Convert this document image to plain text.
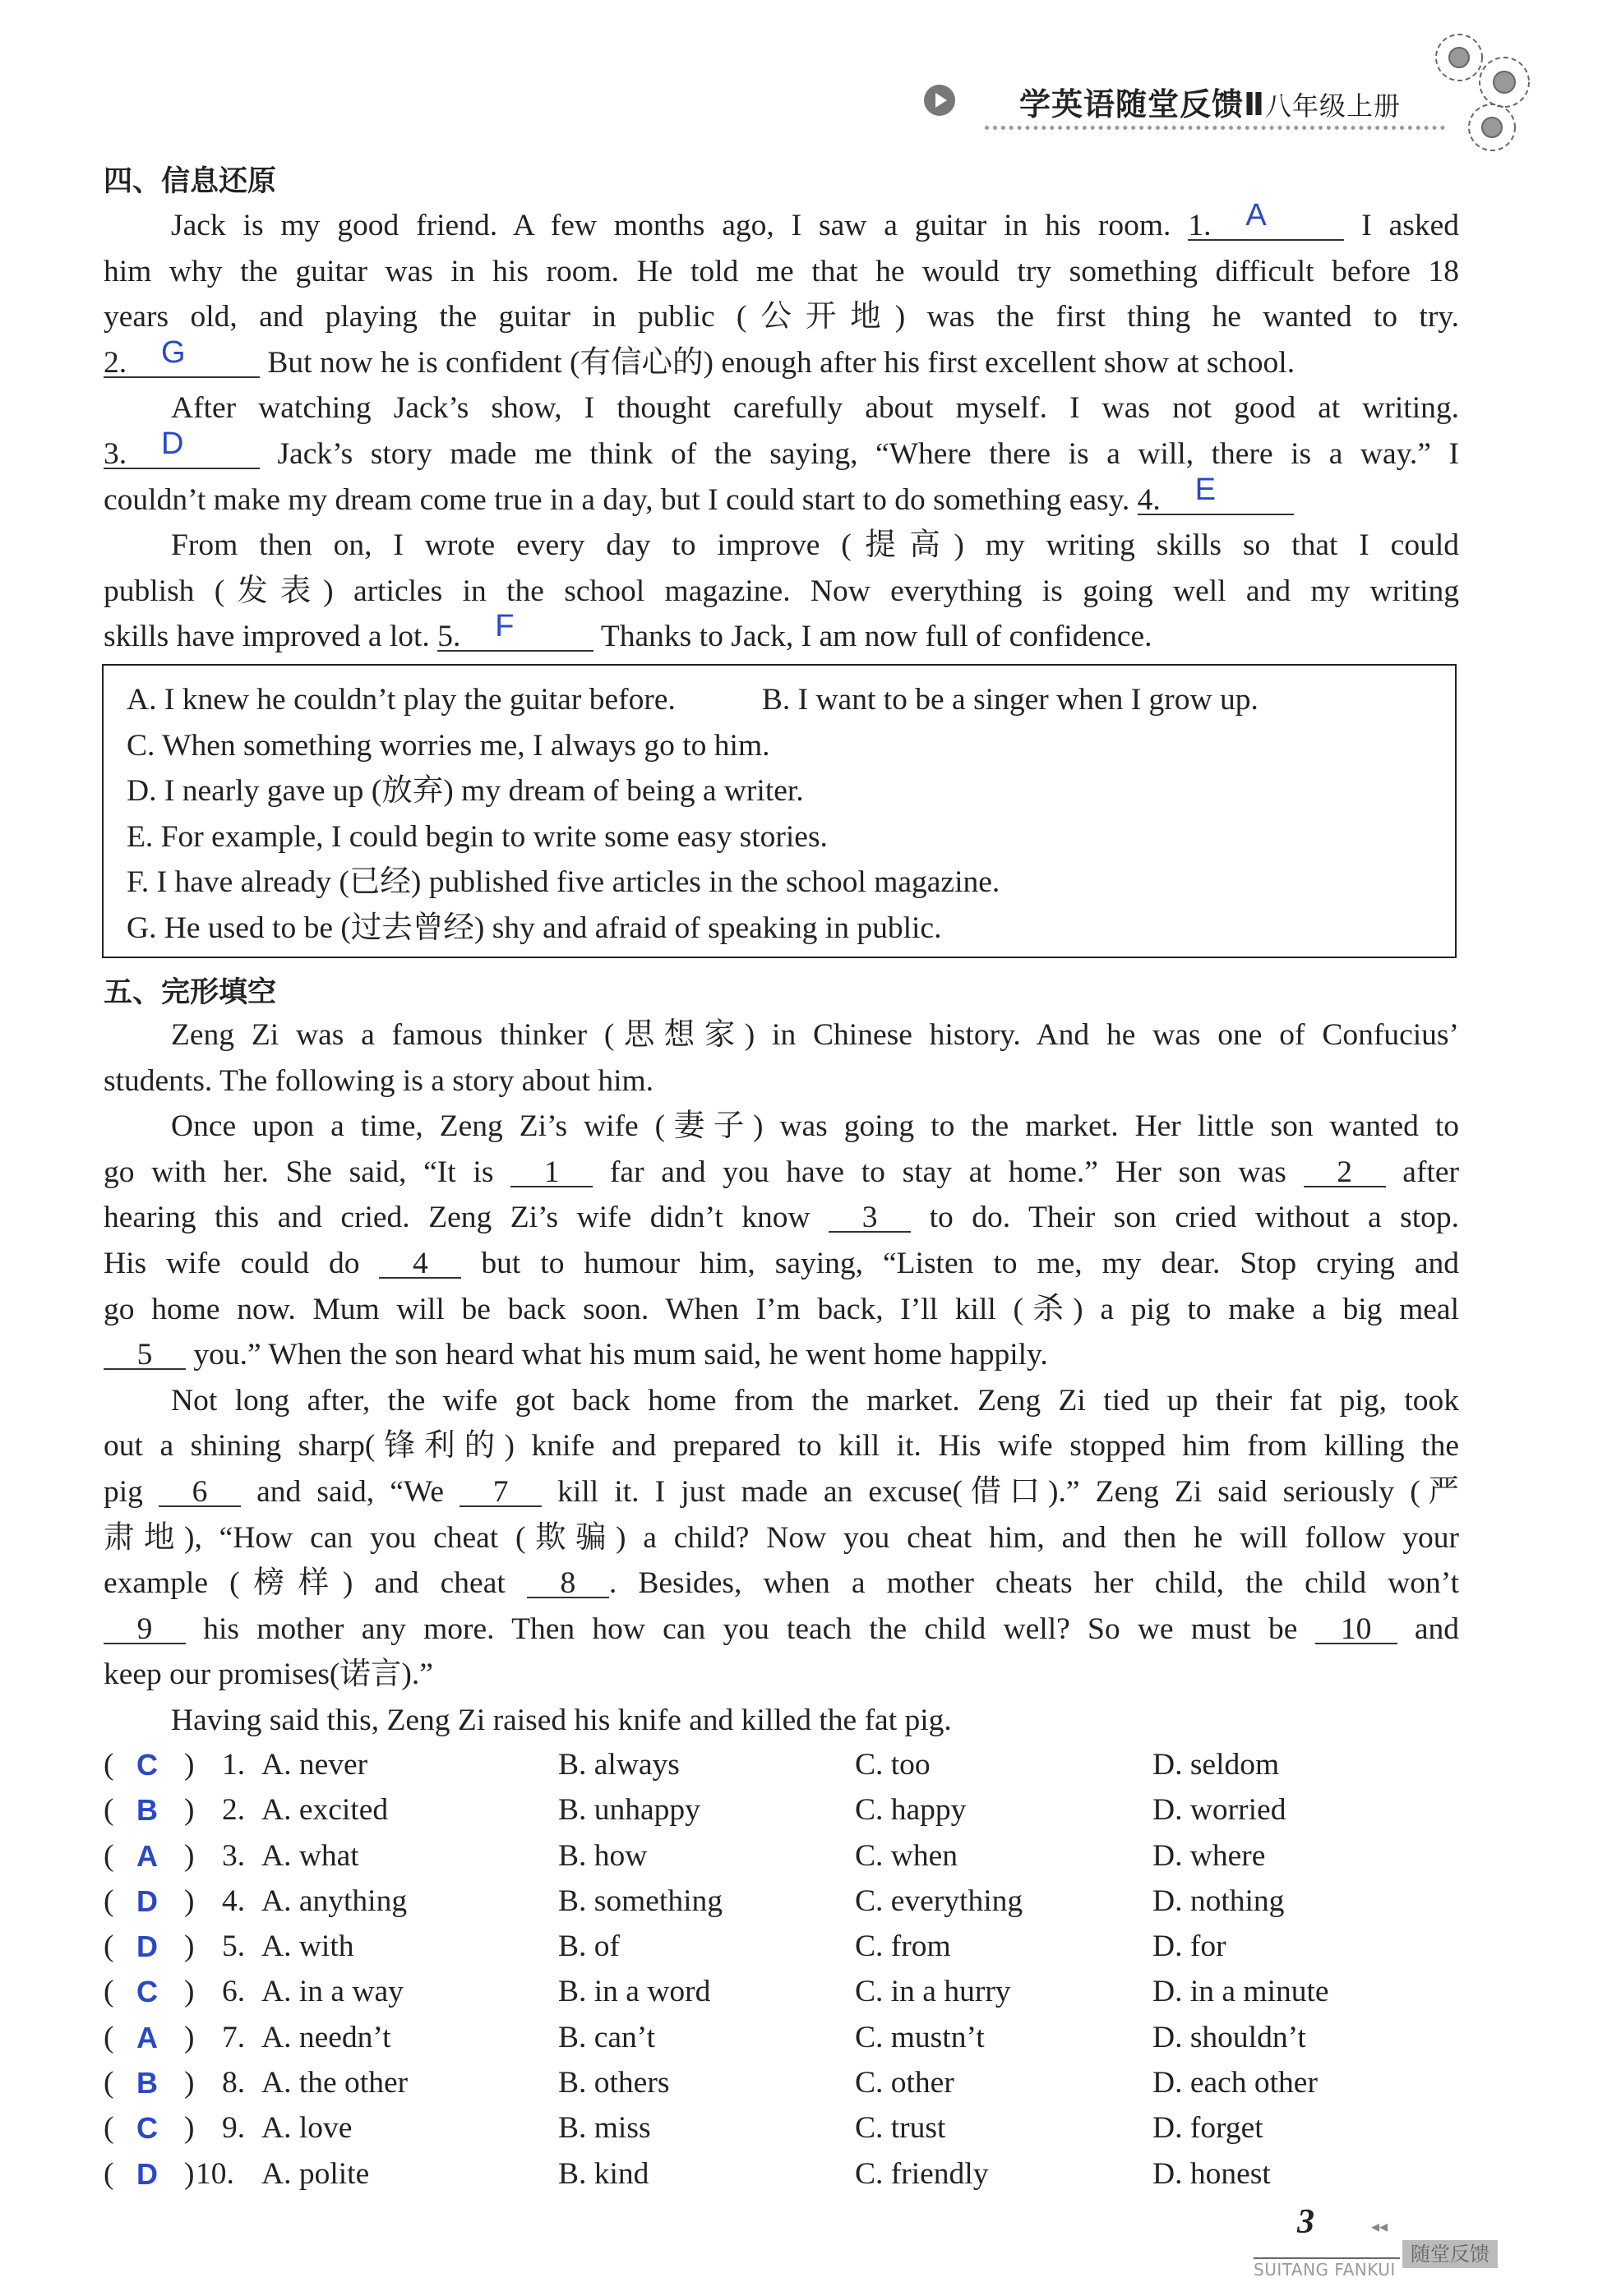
学英语随堂反馈Ⅱ八年级上册
四、信息还原
Jack is my good friend. A few months ago, I saw a guitar in his room. 1. A	I asked
him why the guitar was in his room. He told me that he would try something difficult before 18
years old, and playing the guitar in public (公开地) was the first thing he wanted to try.
2. G But now he is confident (有信心的) enough after his first excellent show at school.
After watching Jack’s show, I thought carefully about myself. I was not good at writing.
3. D Jack’s story made me think of the saying, “Where there is a will, there is a way.” I
couldn’t make my dream come true in a day, but I could start to do something easy. 4. E
From then on, I wrote every day to improve (提高) my writing skills so that I could
publish (发表) articles in the school magazine. Now everything is going well and my writing
skills have improved a lot. 5. F	Thanks to Jack, I am now full of confidence.
A. I knew he couldn’t play the guitar before.	B. I want to be a singer when I grow up.
C. When something worries me, I always go to him.
D. I nearly gave up (放弃) my dream of being a writer.
E. For example, I could begin to write some easy stories.
F. I have already (已经) published five articles in the school magazine.
G. He used to be (过去曾经) shy and afraid of speaking in public.
五、完形填空
Zeng Zi was a famous thinker (思想家) in Chinese history. And he was one of Confucius’
students. The following is a story about him.
Once upon a time, Zeng Zi’s wife (妻子) was going to the market. Her little son wanted to
go with her. She said, “It is 1 far and you have to stay at home.” Her son was 2 after
hearing this and cried. Zeng Zi’s wife didn’t know 3 to do. Their son cried without a stop.
His wife could do 4 but to humour him, saying, “Listen to me, my dear. Stop crying and
go home now. Mum will be back soon. When I’m back, I’ll kill (杀) a pig to make a big meal
5 you.” When the son heard what his mum said, he went home happily.
Not long after, the wife got back home from the market. Zeng Zi tied up their fat pig, took
out a shining sharp(锋利的) knife and prepared to kill it. His wife stopped him from killing the
pig 6 and said, “We 7 kill it. I just made an excuse(借口).” Zeng Zi said seriously (严
肃地), “How can you cheat (欺骗) a child? Now you cheat him, and then he will follow your
example (榜样) and cheat 8 . Besides, when a mother cheats her child, the child won’t
9 his mother any more. Then how can you teach the child well? So we must be 10 and
keep our promises(诺言).”
Having said this, Zeng Zi raised his knife and killed the fat pig.
( C ) 1. A. never	B. always	C. too	D. seldom
( B ) 2. A. excited	B. unhappy	C. happy	D. worried
( A ) 3. A. what	B. how	C. when	D. where
( D ) 4. A. anything	B. something	C. everything	D. nothing
( D ) 5. A. with	B. of	C. from	D. for
( C ) 6. A. in a way	B. in a word	C. in a hurry	D. in a minute
( A ) 7. A. needn’t	B. can’t	C. mustn’t	D. shouldn’t
( B ) 8. A. the other	B. others	C. other	D. each other
( C ) 9. A. love	B. miss	C. trust	D. forget
( D ) 10. A. polite	B. kind	C. friendly	D. honest
3	◂◂
SUITANG FANKUI
随堂反馈
